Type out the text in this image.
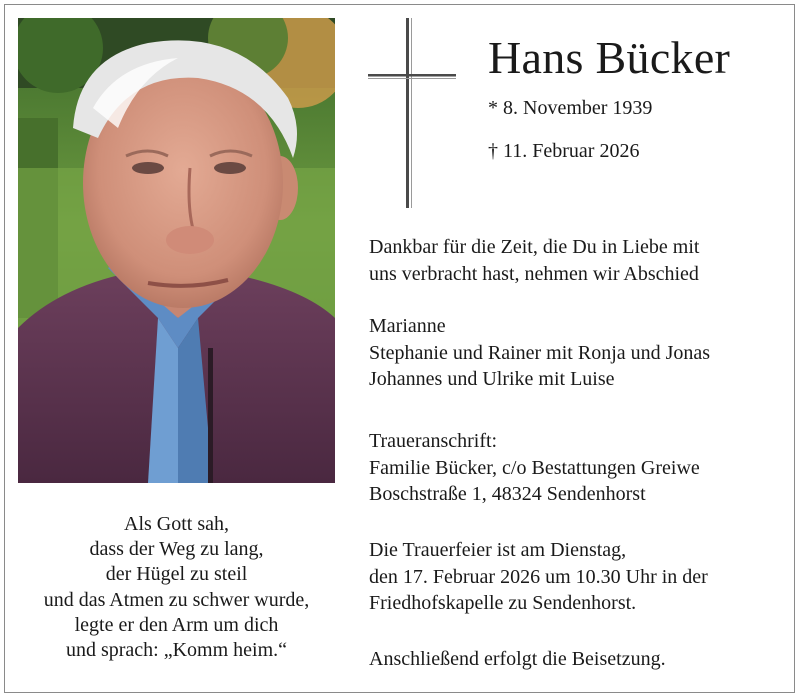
Als Gott sah,
dass der Weg zu lang,
der Hügel zu steil
und das Atmen zu schwer wurde,
legte er den Arm um dich
und sprach: „Komm heim.“
Hans Bücker
* 8. November 1939
† 11. Februar 2026
Dankbar für die Zeit, die Du in Liebe mit
uns verbracht hast, nehmen wir Abschied
Marianne
Stephanie und Rainer mit Ronja und Jonas
Johannes und Ulrike mit Luise
Traueranschrift:
Familie Bücker, c/o Bestattungen Greiwe
Boschstraße 1, 48324 Sendenhorst
Die Trauerfeier ist am Dienstag,
den 17. Februar 2026 um 10.30 Uhr in der
Friedhofskapelle zu Sendenhorst.
Anschließend erfolgt die Beisetzung.
